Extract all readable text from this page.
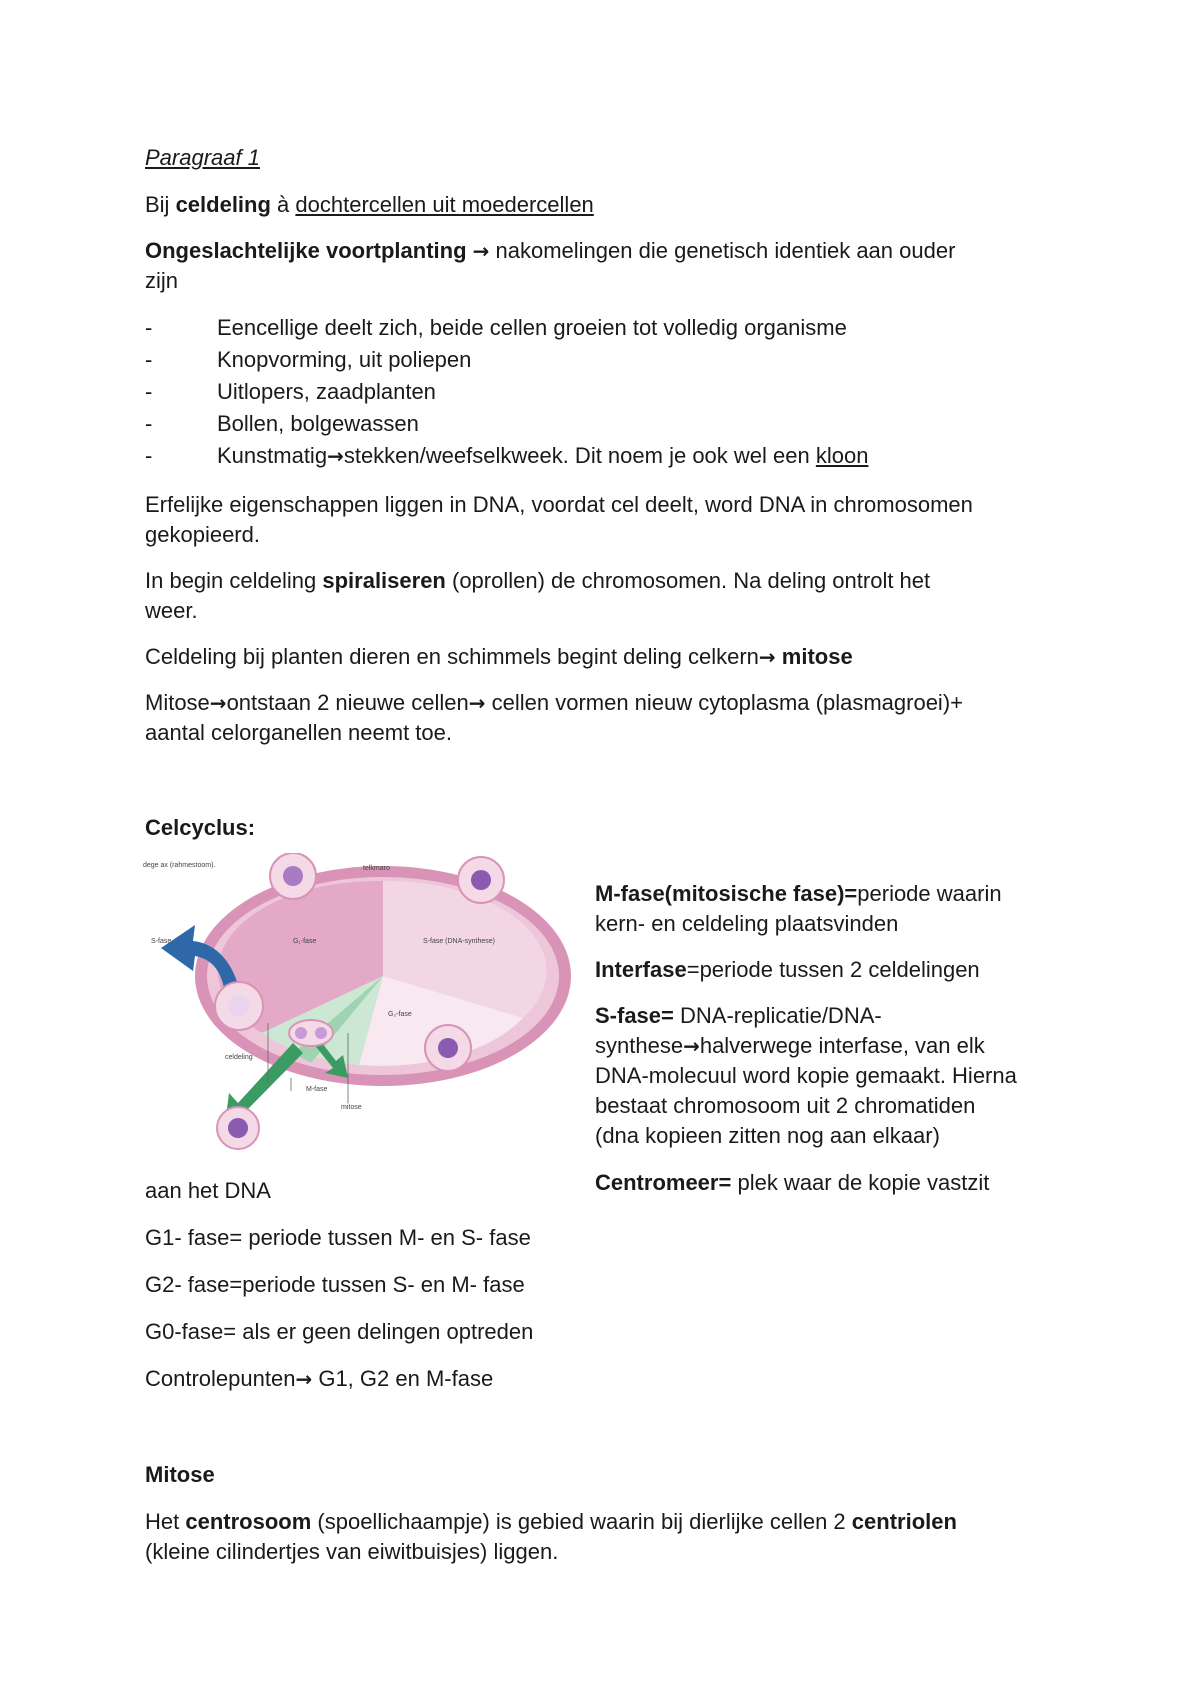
Paragraaf 1

Bij celdeling à dochtercellen uit moedercellen

Ongeslachtelijke voortplanting → nakomelingen die genetisch identiek aan ouder

zijn

-	Eencellige deelt zich, beide cellen groeien tot volledig organisme
-	Knopvorming, uit poliepen
-	Uitlopers, zaadplanten
-	Bollen, bolgewassen
-	Kunstmatig→stekken/weefselkweek. Dit noem je ook wel een kloon

Erfelijke eigenschappen liggen in DNA, voordat cel deelt, word DNA in chromosomen

gekopieerd.

In begin celdeling spiraliseren (oprollen) de chromosomen. Na deling ontrolt het

weer.

Celdeling bij planten dieren en schimmels begint deling celkern→ mitose

Mitose→ontstaan 2 nieuwe cellen→ cellen vormen nieuw cytoplasma (plasmagroei)+

aantal celorganellen neemt toe.

Celcyclus:

dege ax (rahmestoom).	telkmaro
G₁-fase	S-fase (DNA-synthese)
G₂-fase
S-fase
celdeling
M-fase
mitose

M-fase(mitosische fase)=periode waarin

kern- en celdeling plaatsvinden

Interfase=periode tussen 2 celdelingen

S-fase= DNA-replicatie/DNA-

synthese→halverwege interfase, van elk

DNA-molecuul word kopie gemaakt. Hierna

bestaat chromosoom uit 2 chromatiden

(dna kopieen zitten nog aan elkaar)

Centromeer= plek waar de kopie vastzit

aan het DNA

G1- fase= periode tussen M- en S- fase

G2- fase=periode tussen S- en M- fase

G0-fase= als er geen delingen optreden

Controlepunten→ G1, G2 en M-fase

Mitose

Het centrosoom (spoellichaampje) is gebied waarin bij dierlijke cellen 2 centriolen

(kleine cilindertjes van eiwitbuisjes) liggen.
